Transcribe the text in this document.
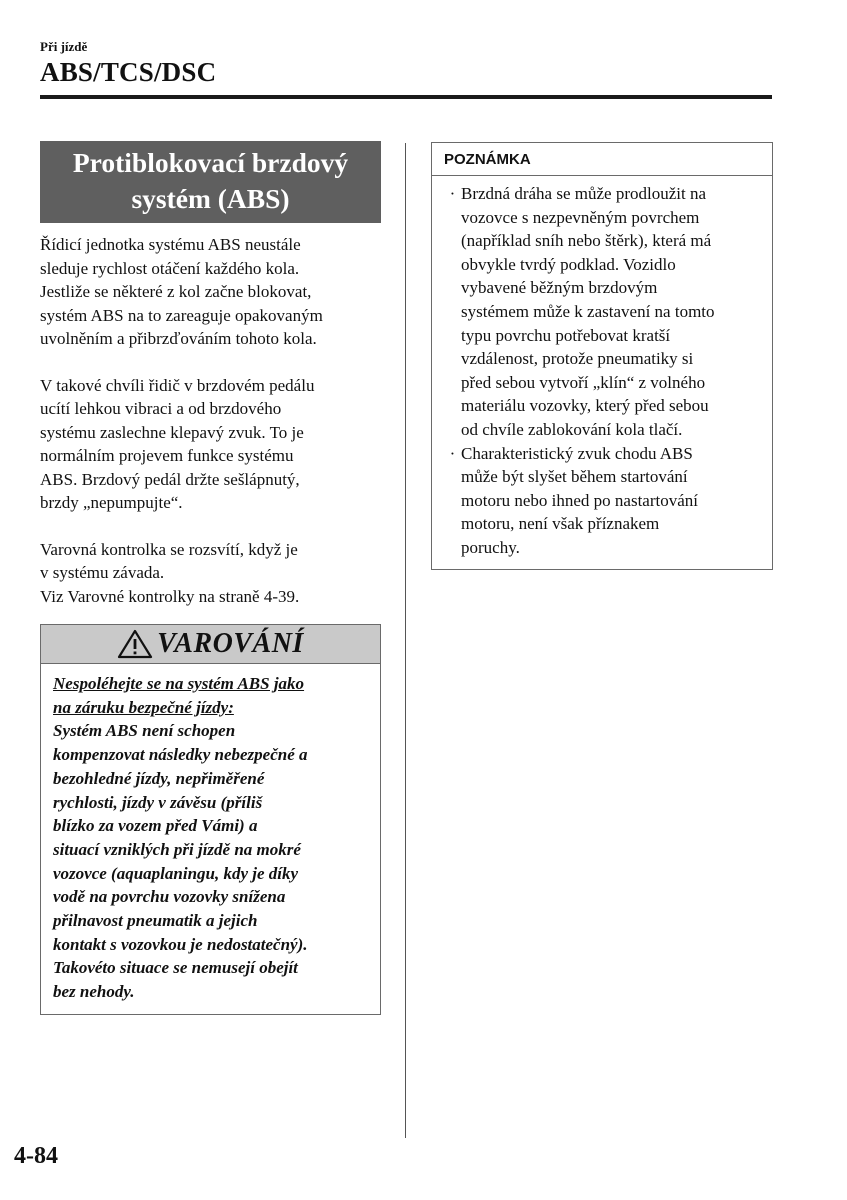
Při jízdě
ABS/TCS/DSC
Protiblokovací brzdový
systém (ABS)

Řídicí jednotka systému ABS neustále
sleduje rychlost otáčení každého kola.
Jestliže se některé z kol začne blokovat,
systém ABS na to zareaguje opakovaným
uvolněním a přibrzďováním tohoto kola.

V takové chvíli řidič v brzdovém pedálu
ucítí lehkou vibraci a od brzdového
systému zaslechne klepavý zvuk. To je
normálním projevem funkce systému
ABS. Brzdový pedál držte sešlápnutý,
brzdy „nepumpujte“.

Varovná kontrolka se rozsvítí, když je
v systému závada.
Viz Varovné kontrolky na straně 4-39.

VAROVÁNÍ
Nespoléhejte se na systém ABS jako
na záruku bezpečné jízdy:
Systém ABS není schopen
kompenzovat následky nebezpečné a
bezohledné jízdy, nepřiměřené
rychlosti, jízdy v závěsu (příliš
blízko za vozem před Vámi) a
situací vzniklých při jízdě na mokré
vozovce (aquaplaningu, kdy je díky
vodě na povrchu vozovky snížena
přilnavost pneumatik a jejich
kontakt s vozovkou je nedostatečný).
Takovéto situace se nemusejí obejít
bez nehody.
POZNÁMKA
· Brzdná dráha se může prodloužit na
vozovce s nezpevněným povrchem
(například sníh nebo štěrk), která má
obvykle tvrdý podklad. Vozidlo
vybavené běžným brzdovým
systémem může k zastavení na tomto
typu povrchu potřebovat kratší
vzdálenost, protože pneumatiky si
před sebou vytvoří „klín“ z volného
materiálu vozovky, který před sebou
od chvíle zablokování kola tlačí.
· Charakteristický zvuk chodu ABS
může být slyšet během startování
motoru nebo ihned po nastartování
motoru, není však příznakem
poruchy.
4-84
